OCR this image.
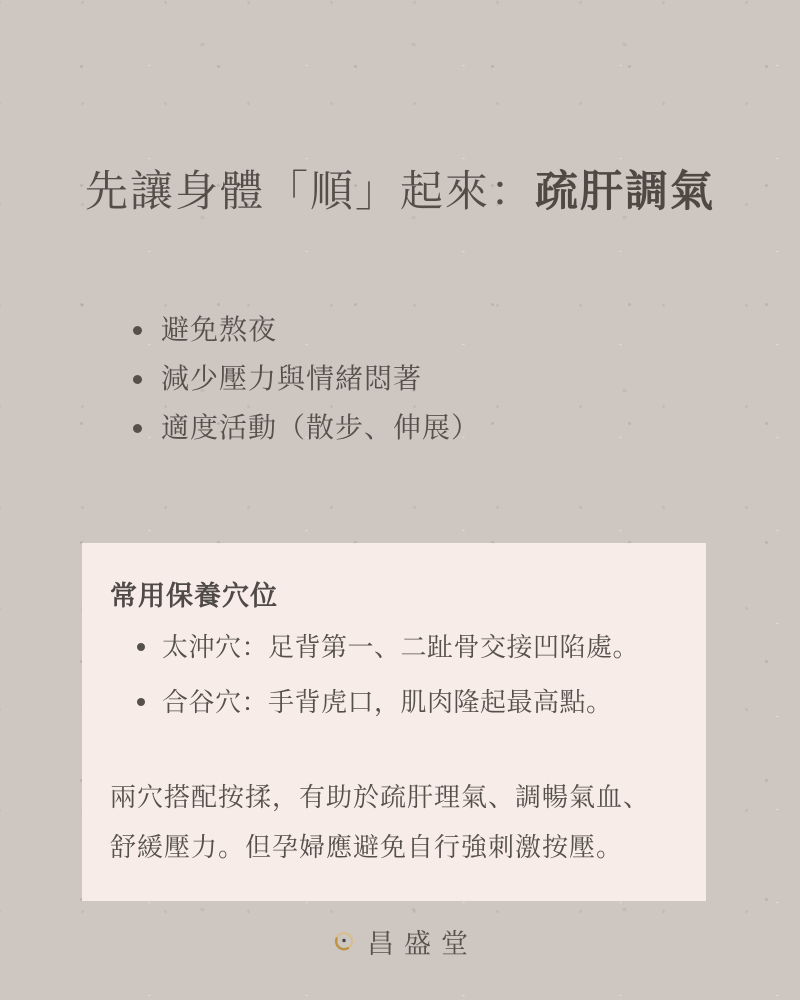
先讓身體「順」起來：疏肝調氣
避免熬夜
減少壓力與情緒悶著
適度活動（散步、伸展）
常用保養穴位
太沖穴：足背第一、二趾骨交接凹陷處。
合谷穴：手背虎口，肌肉隆起最高點。
兩穴搭配按揉，有助於疏肝理氣、調暢氣血、舒緩壓力。但孕婦應避免自行強刺激按壓。
昌盛堂
